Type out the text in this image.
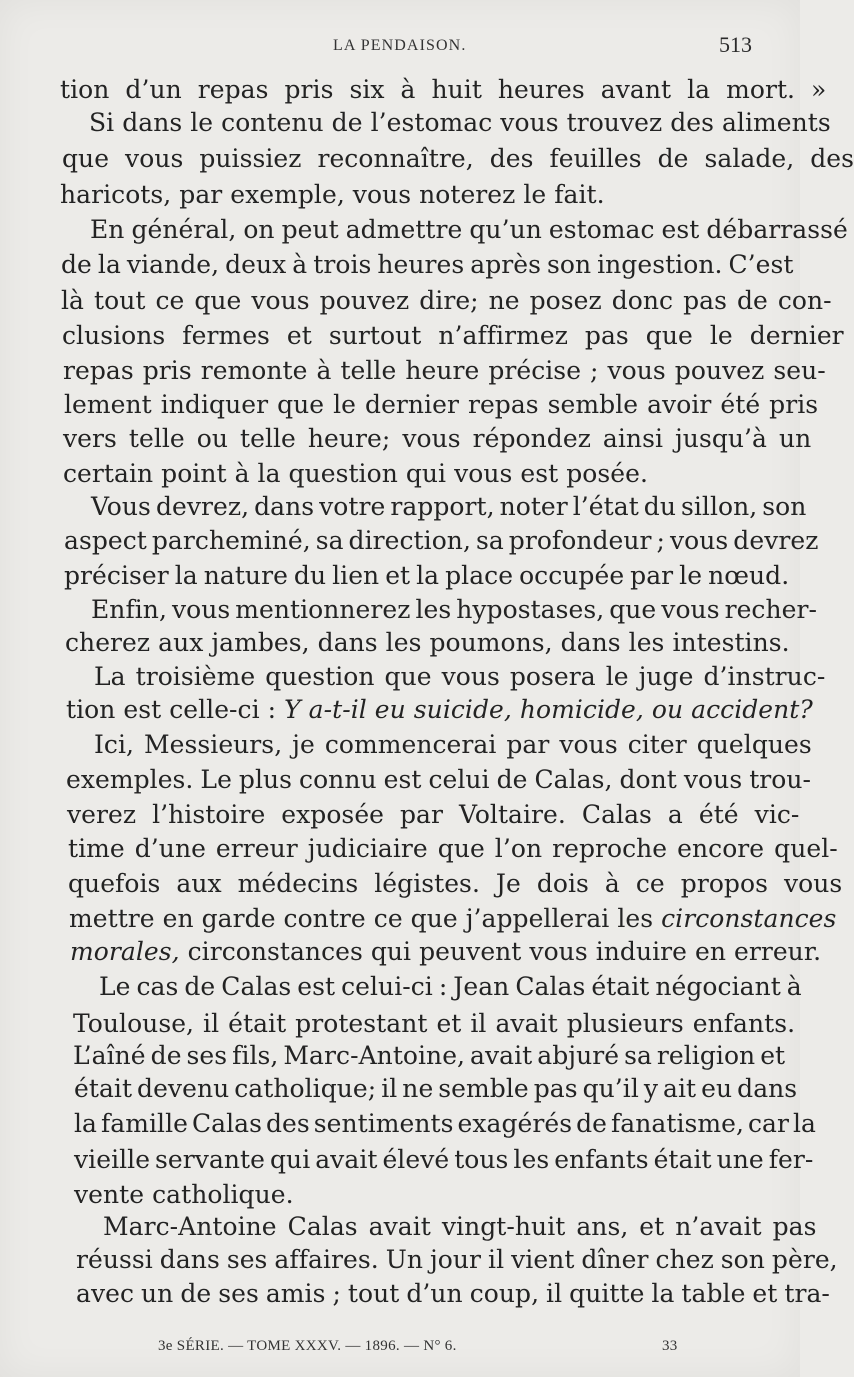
LA PENDAISON.	513
tion d’un repas pris six à huit heures avant la mort. »
Si dans le contenu de l’estomac vous trouvez des aliments
que vous puissiez reconnaître, des feuilles de salade, des
haricots, par exemple, vous noterez le fait.
En général, on peut admettre qu’un estomac est débarrassé
de la viande, deux à trois heures après son ingestion. C’est
là tout ce que vous pouvez dire; ne posez donc pas de con-
clusions fermes et surtout n’affirmez pas que le dernier
repas pris remonte à telle heure précise ; vous pouvez seu-
lement indiquer que le dernier repas semble avoir été pris
vers telle ou telle heure; vous répondez ainsi jusqu’à un
certain point à la question qui vous est posée.
Vous devrez, dans votre rapport, noter l’état du sillon, son
aspect parcheminé, sa direction, sa profondeur ; vous devrez
préciser la nature du lien et la place occupée par le nœud.
Enfin, vous mentionnerez les hypostases, que vous recher-
cherez aux jambes, dans les poumons, dans les intestins.
La troisième question que vous posera le juge d’instruc-
tion est celle-ci : Y a-t-il eu suicide, homicide, ou accident?
Ici, Messieurs, je commencerai par vous citer quelques
exemples. Le plus connu est celui de Calas, dont vous trou-
verez l’histoire exposée par Voltaire. Calas a été vic-
time d’une erreur judiciaire que l’on reproche encore quel-
quefois aux médecins légistes. Je dois à ce propos vous
mettre en garde contre ce que j’appellerai les circonstances
morales, circonstances qui peuvent vous induire en erreur.
Le cas de Calas est celui-ci : Jean Calas était négociant à
Toulouse, il était protestant et il avait plusieurs enfants.
L’aîné de ses fils, Marc-Antoine, avait abjuré sa religion et
était devenu catholique; il ne semble pas qu’il y ait eu dans
la famille Calas des sentiments exagérés de fanatisme, car la
vieille servante qui avait élevé tous les enfants était une fer-
vente catholique.
Marc-Antoine Calas avait vingt-huit ans, et n’avait pas
réussi dans ses affaires. Un jour il vient dîner chez son père,
avec un de ses amis ; tout d’un coup, il quitte la table et tra-
3e SÉRIE. — TOME XXXV. — 1896. — N° 6.	33
